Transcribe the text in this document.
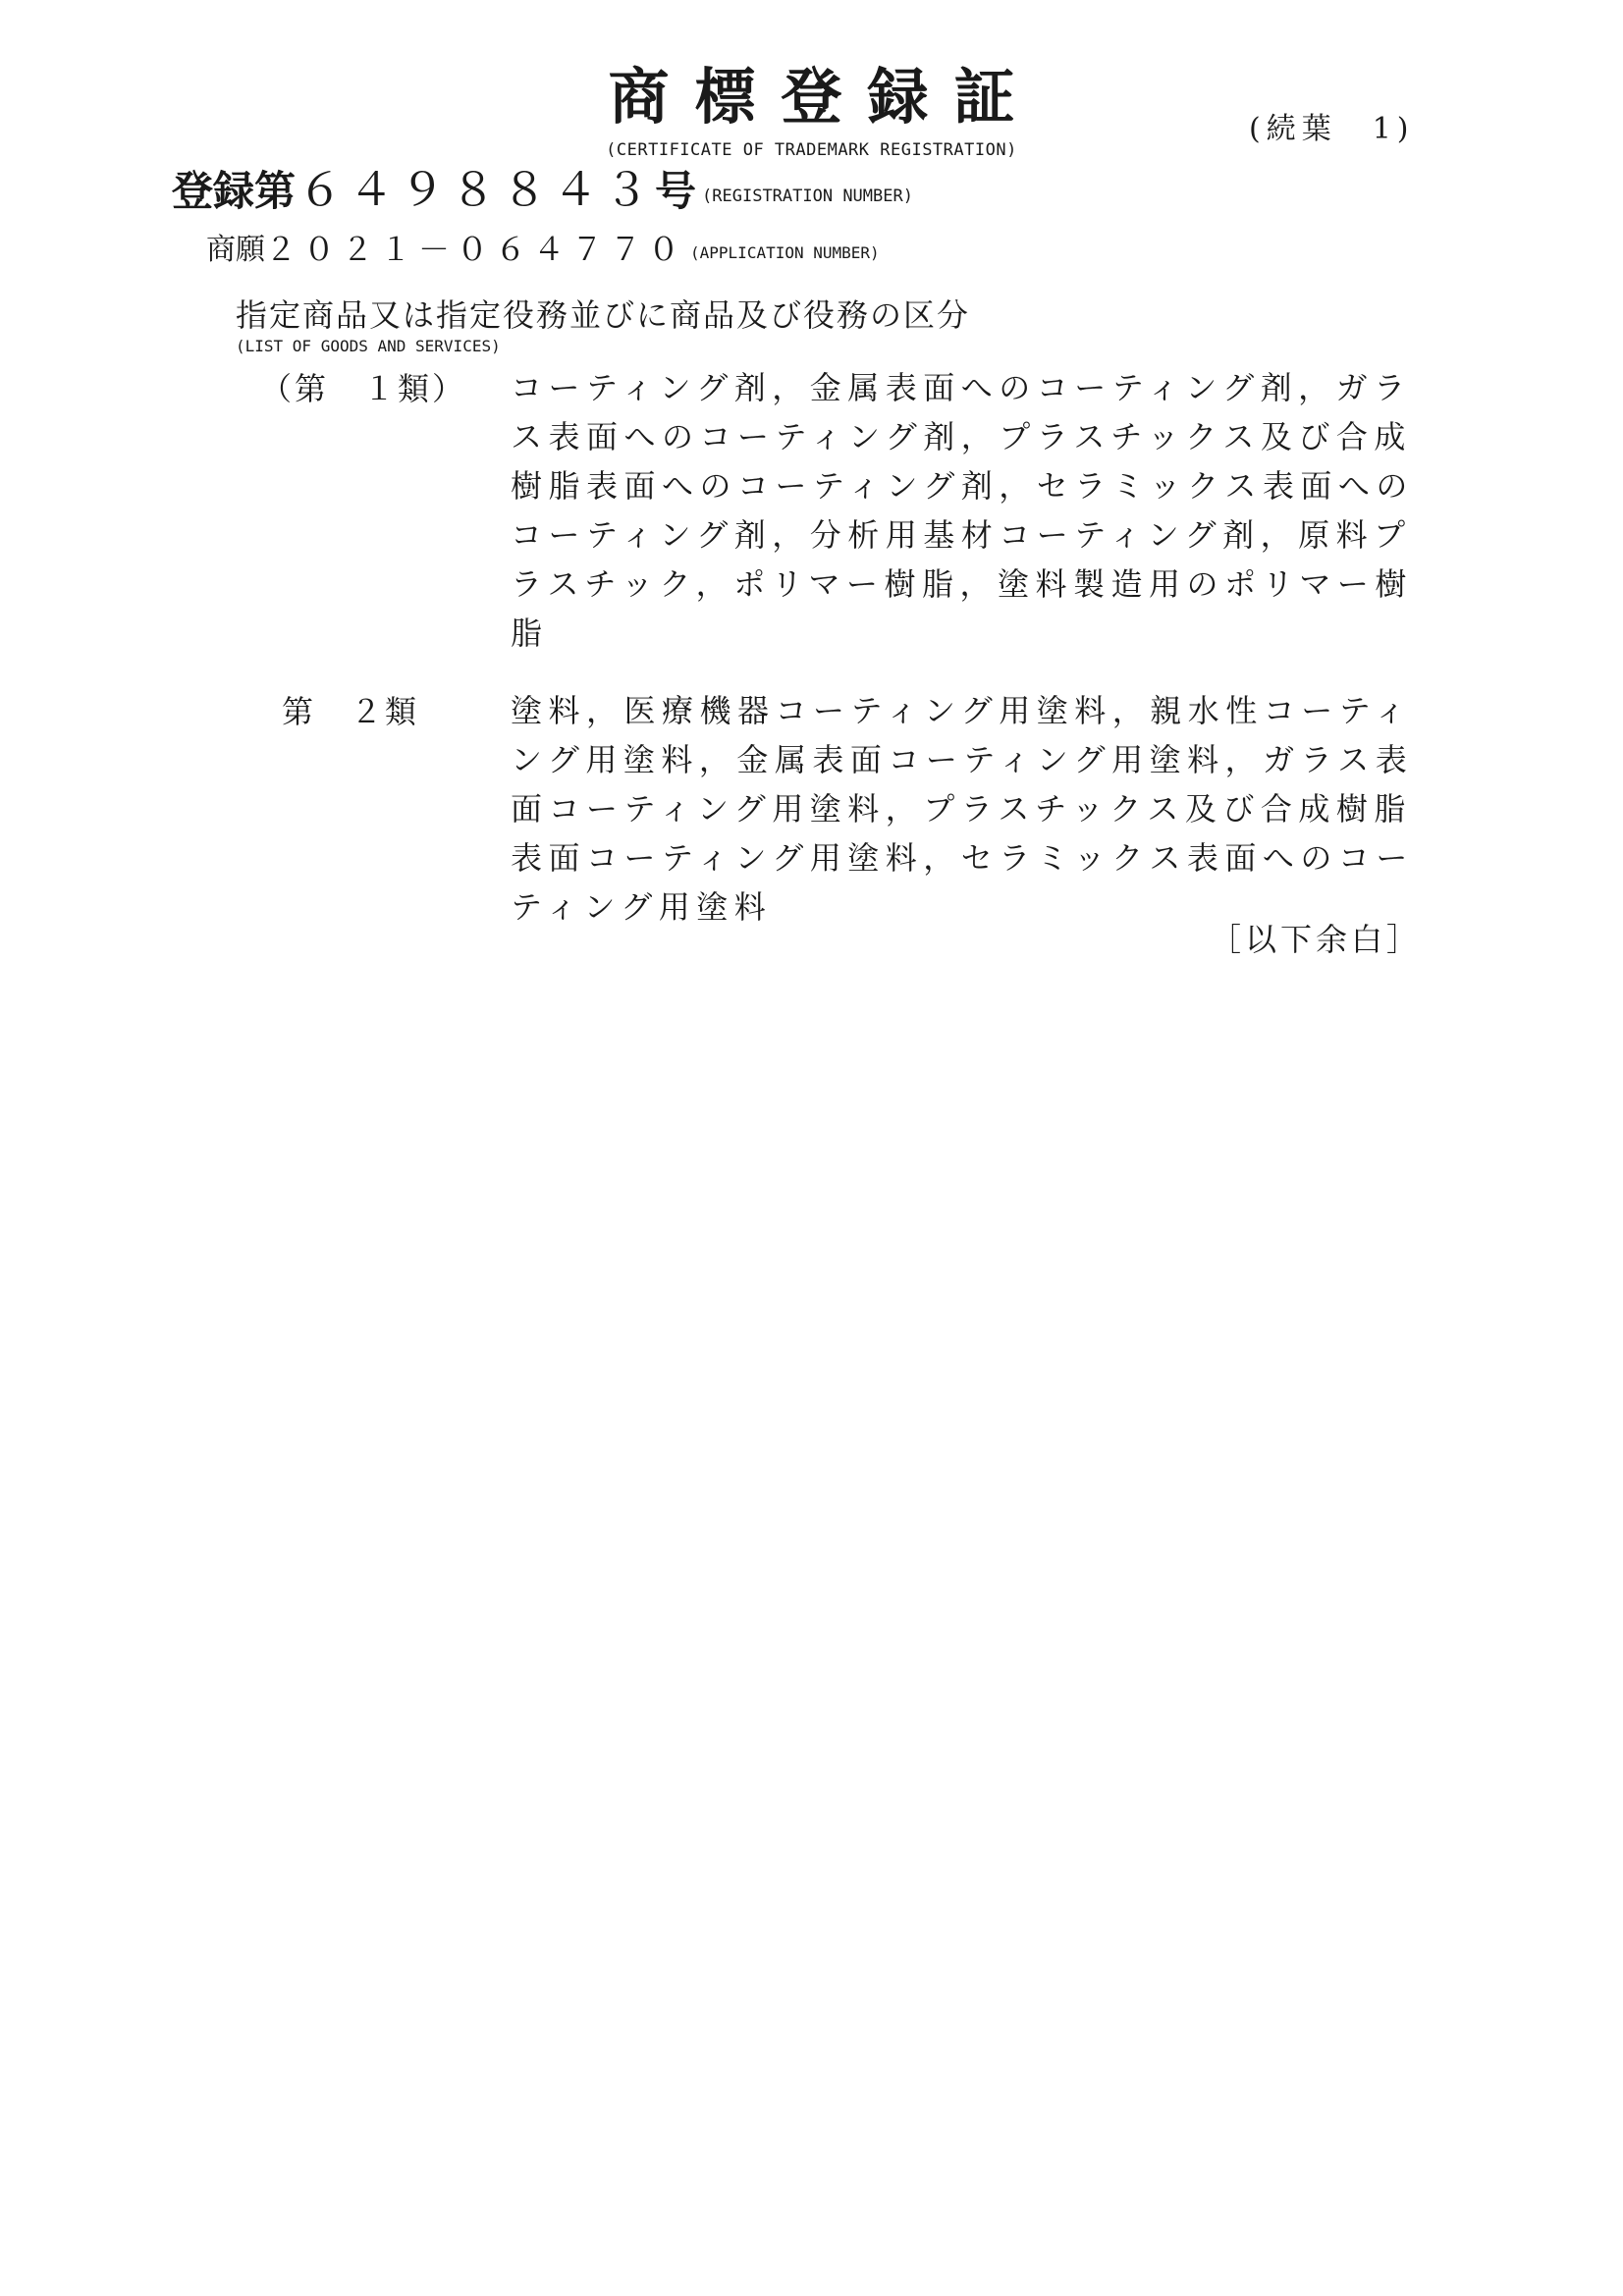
商標登録証
(CERTIFICATE OF TRADEMARK REGISTRATION)
(続葉　1)
登録第 ６４９８８４３ 号 (REGISTRATION NUMBER)
商願 ２０２１－０６４７７０ (APPLICATION NUMBER)
指定商品又は指定役務並びに商品及び役務の区分
(LIST OF GOODS AND SERVICES)
（第　１類） コーティング剤，金属表面へのコーティング剤，ガラ
ス表面へのコーティング剤，プラスチックス及び合成
樹脂表面へのコーティング剤，セラミックス表面への
コーティング剤，分析用基材コーティング剤，原料プ
ラスチック，ポリマー樹脂，塗料製造用のポリマー樹
脂
第　２類	塗料，医療機器コーティング用塗料，親水性コーティ
ング用塗料，金属表面コーティング用塗料，ガラス表
面コーティング用塗料，プラスチックス及び合成樹脂
表面コーティング用塗料，セラミックス表面へのコー
ティング用塗料
［以下余白］
